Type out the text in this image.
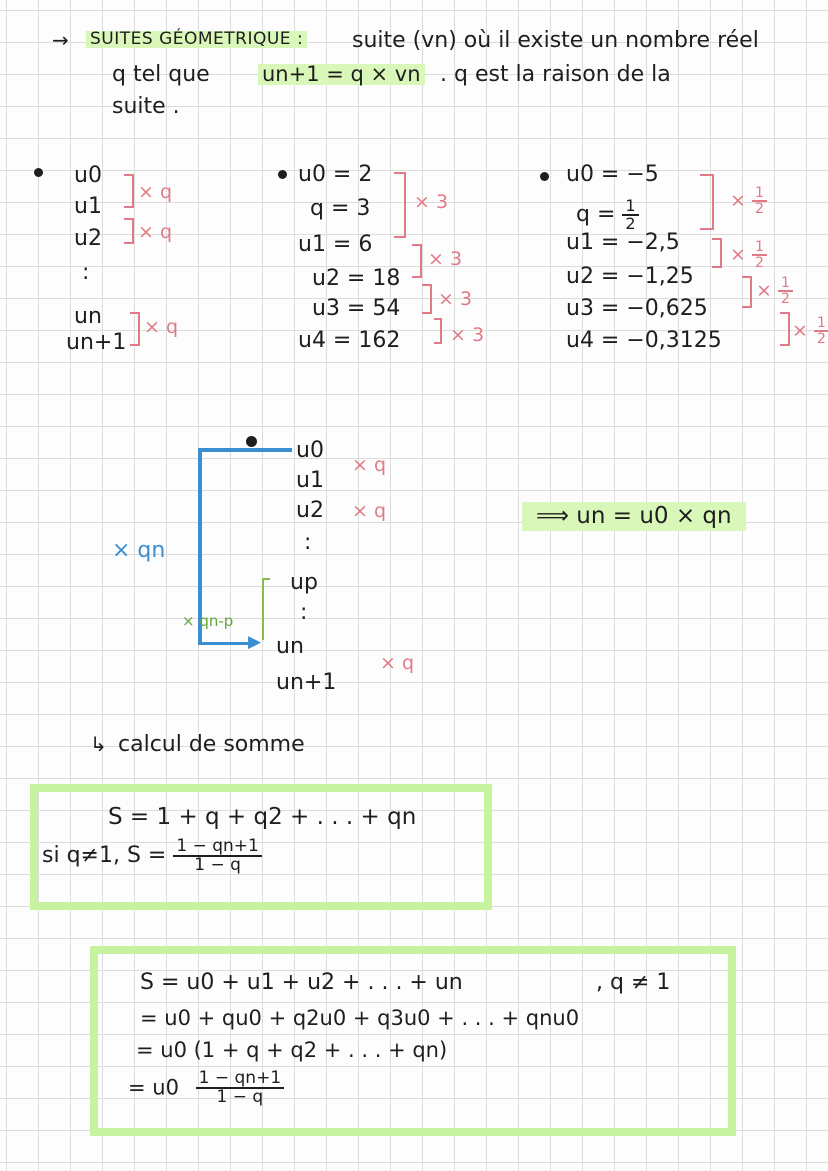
→ SUITES GÉOMETRIQUE : suite (vn) où il existe un nombre réel
q tel que un+1 = q × vn . q est la raison de la
suite .
u0
u1
u2
:
un
un+1
× q
× q
× q
u0 = 2
q = 3
u1 = 6
u2 = 18
u3 = 54
u4 = 162
× 3
× 3
× 3
× 3
u0 = −5
$q = \frac{1}{2}$
u1 = −2,5
u2 = −1,25
u3 = −0,625
u4 = −0,3125
× $\frac{1}{2}$
× $\frac{1}{2}$
× $\frac{1}{2}$
× $\frac{1}{2}$
▶
× qn
× qn-p
u0
u1
u2
:
up
:
un
un+1
× q
× q
× q
⟹ un = u0 × qn
↳ calcul de somme
S = 1 + q + q2 + . . . + qn
si q≠1, $S = \frac{1 - qn+1}{1 - q}$
S = u0 + u1 + u2 + . . . + un	, q ≠ 1
= u0 + qu0 + q2u0 + q3u0 + . . . + qnu0
= u0 (1 + q + q2 + . . . + qn)
= $u0 \frac{1 - qn+1}{1 - q}$
